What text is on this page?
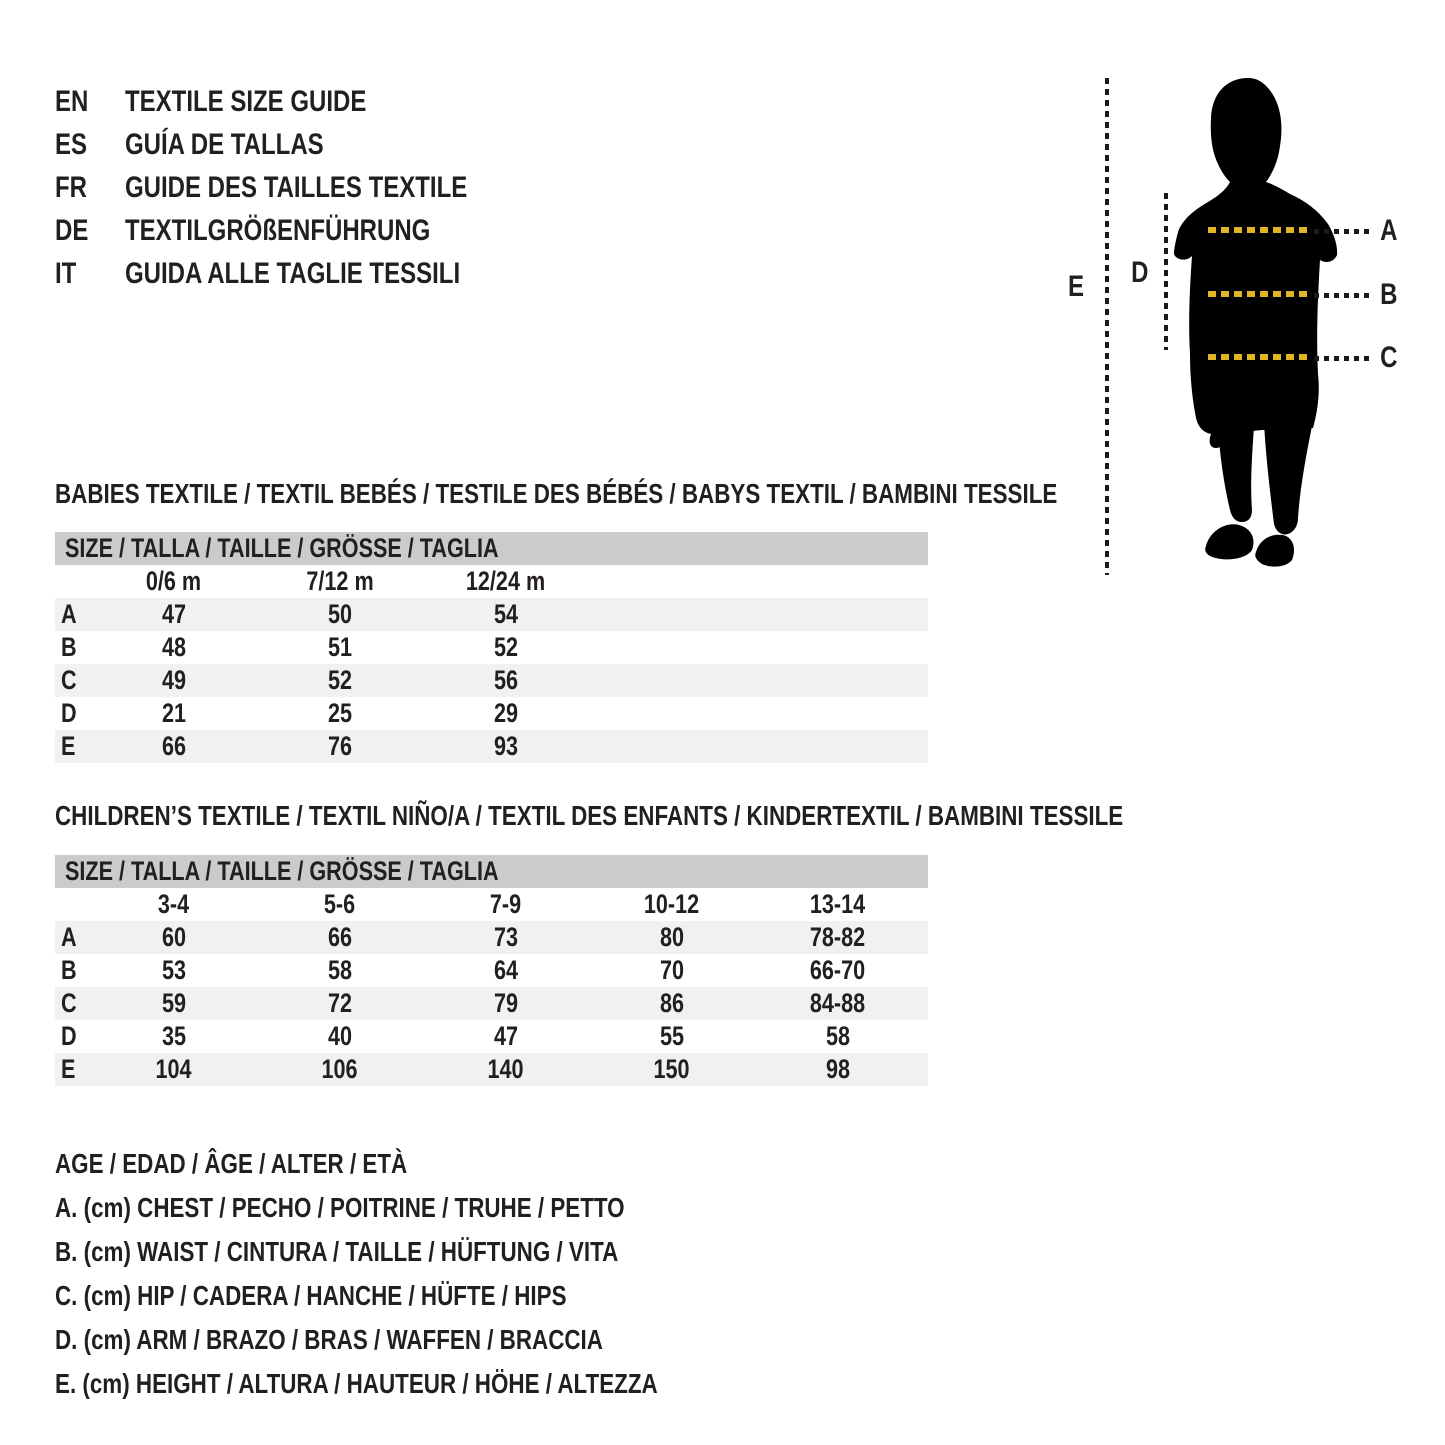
EN	TEXTILE SIZE GUIDE
ES	GUÍA DE TALLAS
FR	GUIDE DES TAILLES TEXTILE
DE	TEXTILGRÖßENFÜHRUNG
IT	GUIDA ALLE TAGLIE TESSILI	E D
A
B
C
BABIES TEXTILE / TEXTIL BEBÉS / TESTILE DES BÉBÉS / BABYS TEXTIL / BAMBINI TESSILE
SIZE / TALLA / TAILLE / GRÖSSE / TAGLIA
0/6 m	7/12 m	12/24 m
A	47	50	54
B	48	51	52
C	49	52	56
D	21	25	29
E	66	76	93
CHILDREN’S TEXTILE / TEXTIL NIÑO/A / TEXTIL DES ENFANTS / KINDERTEXTIL / BAMBINI TESSILE
SIZE / TALLA / TAILLE / GRÖSSE / TAGLIA
3-4	5-6	7-9	10-12	13-14
A	60	66	73	80	78-82
B	53	58	64	70	66-70
C	59	72	79	86	84-88
D	35	40	47	55	58
E	104	106	140	150	98
AGE / EDAD / ÂGE / ALTER / ETÀ
A. (cm) CHEST / PECHO / POITRINE / TRUHE / PETTO
B. (cm) WAIST / CINTURA / TAILLE / HÜFTUNG / VITA
C. (cm) HIP / CADERA / HANCHE / HÜFTE / HIPS
D. (cm) ARM / BRAZO / BRAS / WAFFEN / BRACCIA
E. (cm) HEIGHT / ALTURA / HAUTEUR / HÖHE / ALTEZZA
